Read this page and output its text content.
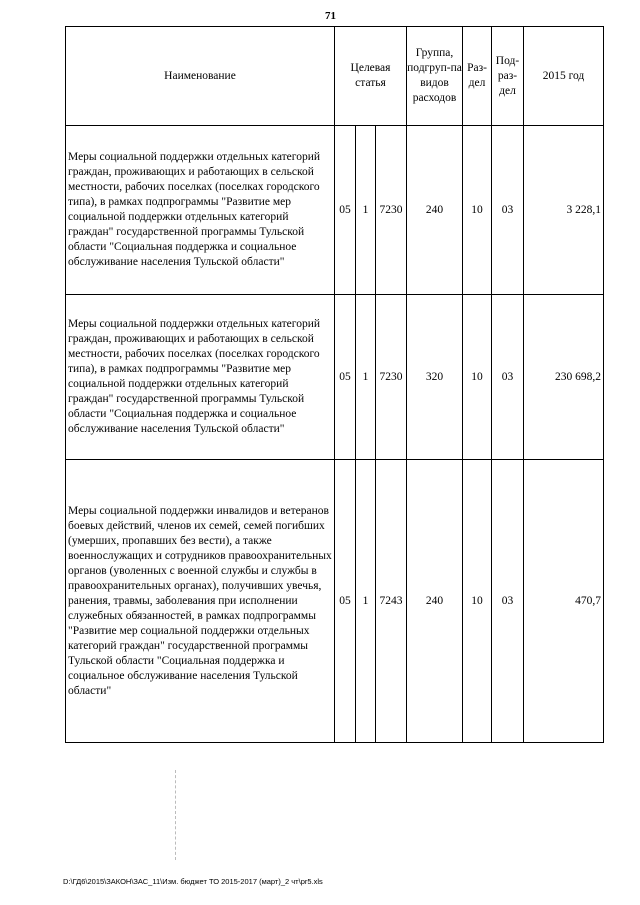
71
Наименование	Целевая статья			Группа, подгруп-па видов расходов	Раз-дел	Под-раз-дел	2015 год
Меры социальной поддержки отдельных категорий граждан, проживающих и работающих в сельской местности, рабочих поселках (поселках городского типа), в рамках подпрограммы "Развитие мер социальной поддержки отдельных категорий граждан" государственной программы Тульской области "Социальная поддержка и социальное обслуживание населения Тульской области"	05	1	7230	240	10	03	3 228,1
Меры социальной поддержки отдельных категорий граждан, проживающих и работающих в сельской местности, рабочих поселках (поселках городского типа), в рамках подпрограммы "Развитие мер социальной поддержки отдельных категорий граждан" государственной программы Тульской области "Социальная поддержка и социальное обслуживание населения Тульской области"	05	1	7230	320	10	03	230 698,2
Меры социальной поддержки инвалидов и ветеранов боевых действий, членов их семей, семей погибших (умерших, пропавших без вести), а также военнослужащих и сотрудников правоохранительных органов (уволенных с военной службы и службы в правоохранительных органах), получивших увечья, ранения, травмы, заболевания при исполнении служебных обязанностей, в рамках подпрограммы "Развитие мер социальной поддержки отдельных категорий граждан" государственной программы Тульской области "Социальная поддержка и социальное обслуживание населения Тульской области"	05	1	7243	240	10	03	470,7
D:\ГД6\2015\ЗАКОН\ЗАС_11\Изм. бюджет ТО 2015-2017 (март)_2 чт\pr5.xls
